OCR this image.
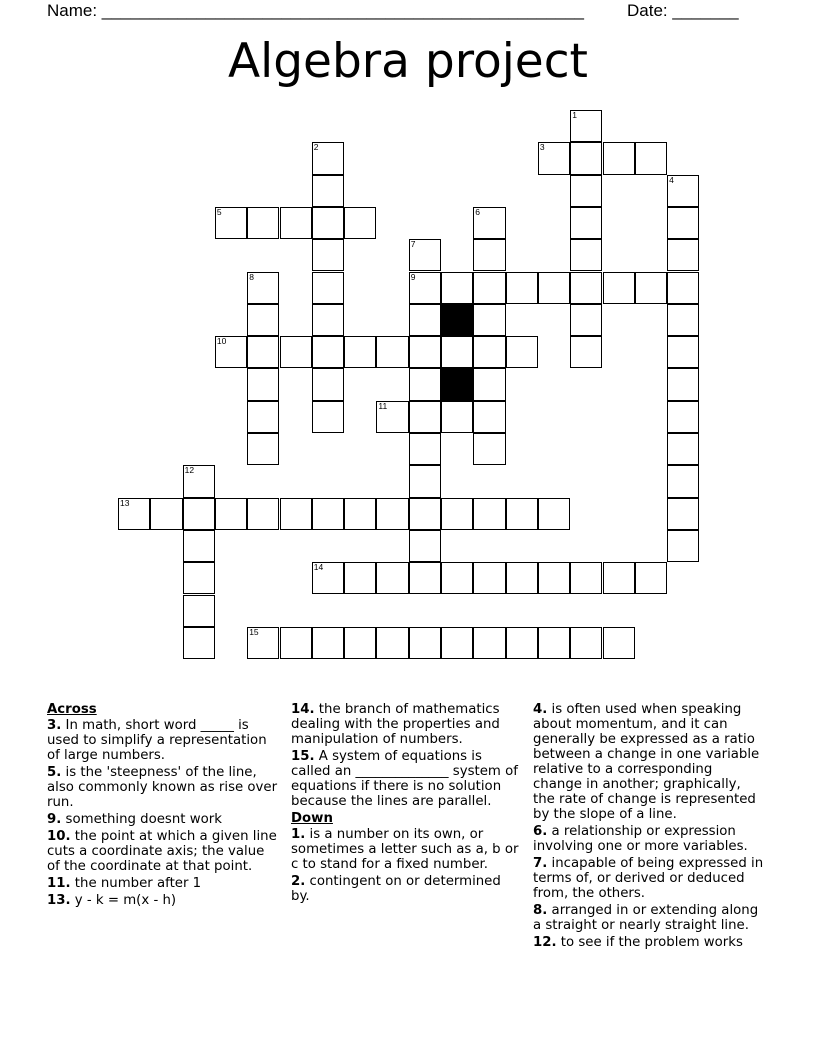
Name: ___________________________________________________	Date: _______
Algebra project
1
2	3
4
5	6
7
9
8
10
11
12
13
14
15
Across
3. In math, short word _____ is used to simplify a representation of large numbers.
5. is the 'steepness' of the line, also commonly known as rise over run.
9. something doesnt work
10. the point at which a given line cuts a coordinate axis; the value of the coordinate at that point.
11. the number after 1
13. y - k = m(x - h)
14. the branch of mathematics dealing with the properties and manipulation of numbers.
15. A system of equations is called an ______________ system of equations if there is no solution because the lines are parallel.
Down
1. is a number on its own, or sometimes a letter such as a, b or c to stand for a fixed number.
2. contingent on or determined by.
4. is often used when speaking about momentum, and it can generally be expressed as a ratio between a change in one variable relative to a corresponding change in another; graphically, the rate of change is represented by the slope of a line.
6. a relationship or expression involving one or more variables.
7. incapable of being expressed in terms of, or derived or deduced from, the others.
8. arranged in or extending along a straight or nearly straight line.
12. to see if the problem works
